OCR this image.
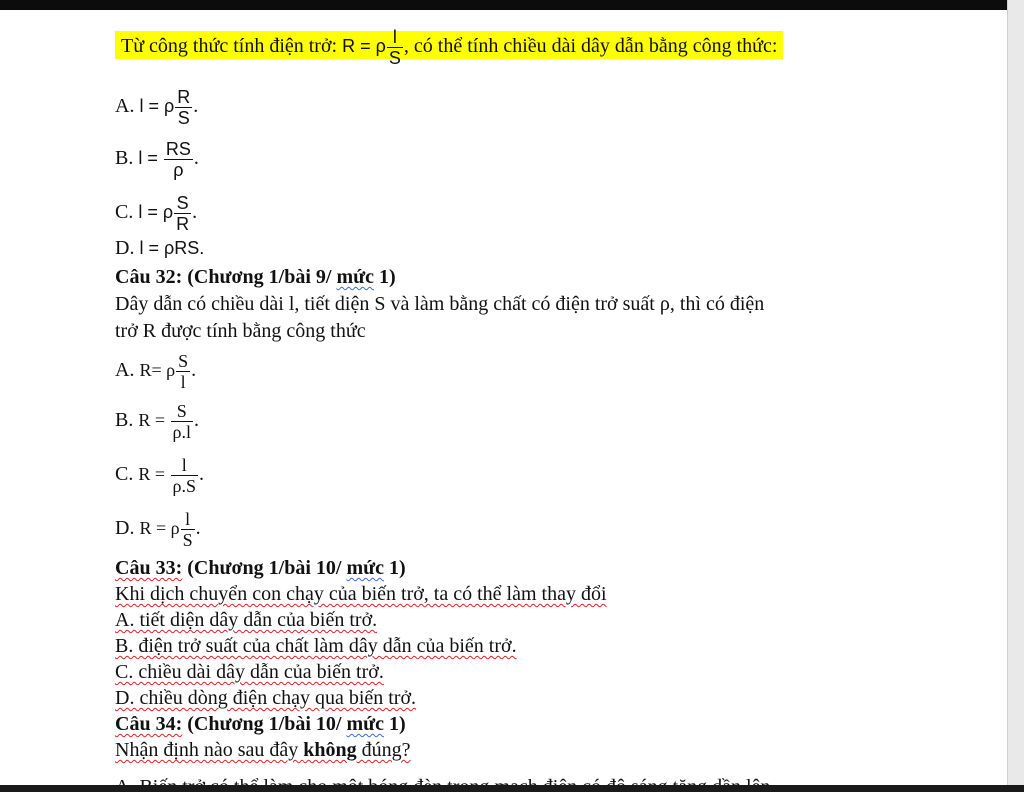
Từ công thức tính điện trở: R = ρ $\frac{l}{S}$ , có thể tính chiều dài dây dẫn bằng công thức:
A. l = ρ $\frac{R}{S}$ .
B. $l = \frac{RS}{\rho}$ .
C. l = ρ $\frac{S}{R}$ .
D. l = ρRS.
Câu 32: (Chương 1/bài 9/ mức 1)
Dây dẫn có chiều dài l, tiết diện S và làm bằng chất có điện trở suất ρ, thì có điện
trở R được tính bằng công thức
A. R= ρ $\frac{S}{l}$ .
B. $R = \frac{S}{\rho.l}$ .
C. $R = \frac{l}{\rho.S}$ .
D. R = ρ $\frac{l}{S}$ .
Câu 33: (Chương 1/bài 10/ mức 1)
Khi dịch chuyển con chạy của biến trở, ta có thể làm thay đổi
A. tiết diện dây dẫn của biến trở.
B. điện trở suất của chất làm dây dẫn của biến trở.
C. chiều dài dây dẫn của biến trở.
D. chiều dòng điện chạy qua biến trở.
Câu 34: (Chương 1/bài 10/ mức 1)
Nhận định nào sau đây không đúng?
